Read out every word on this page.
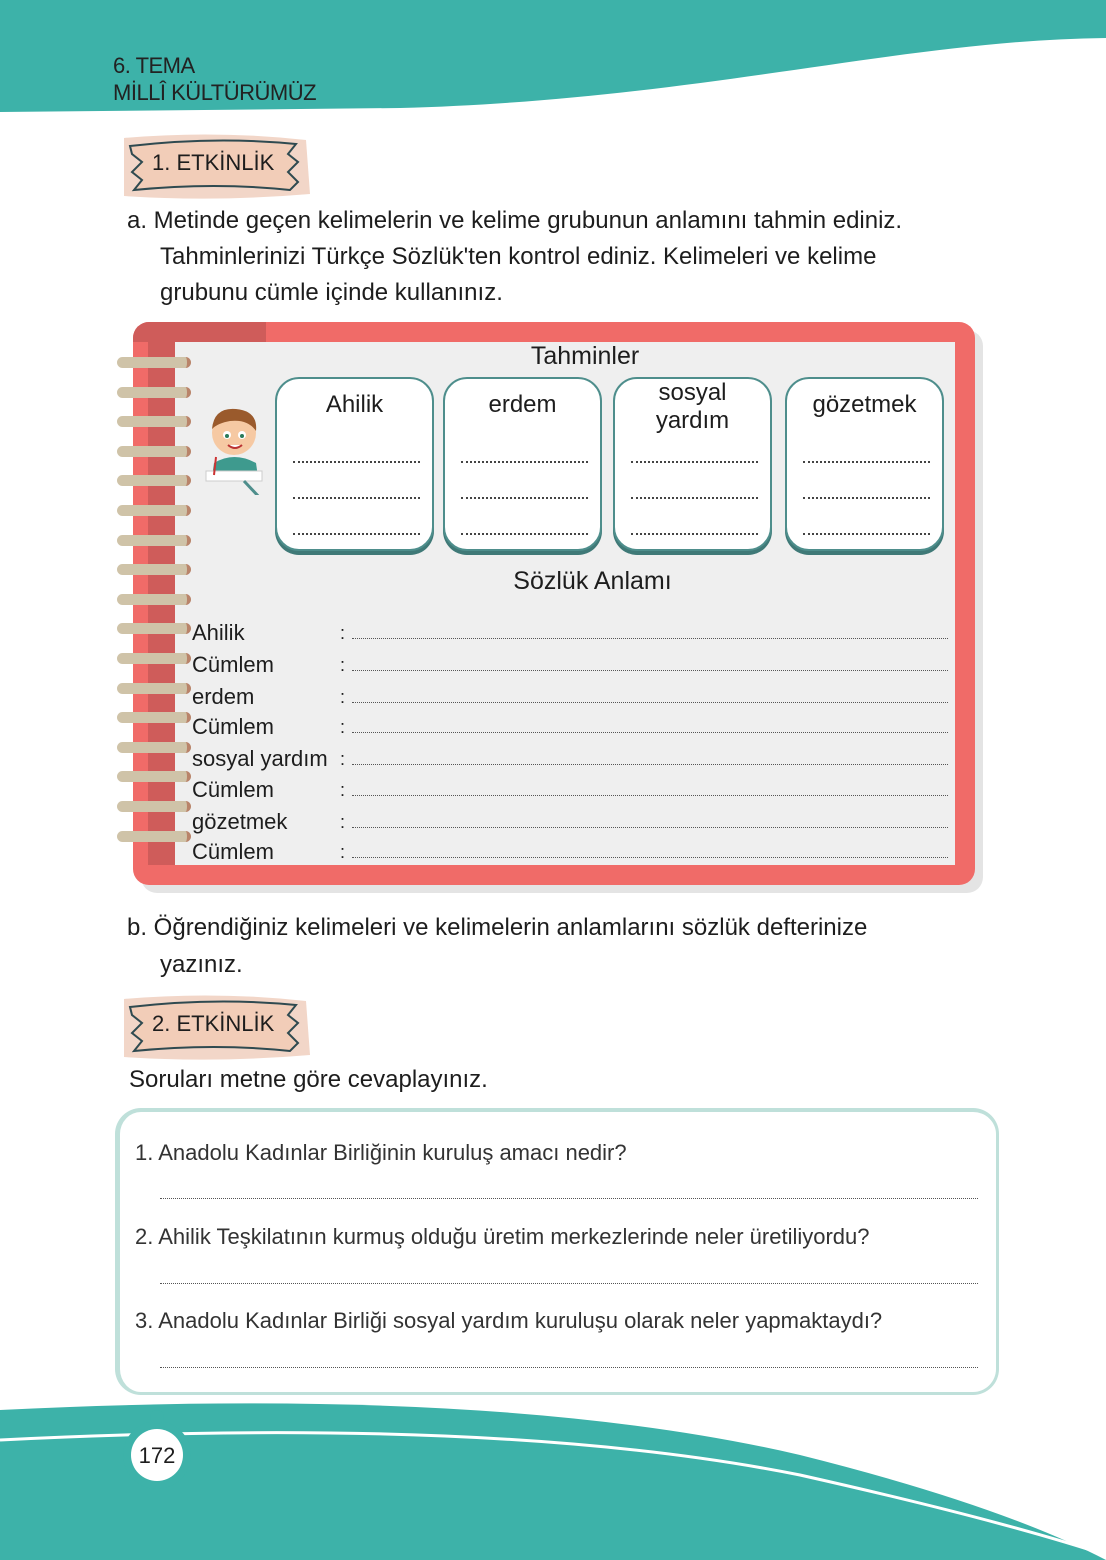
6. TEMA
MİLLÎ KÜLTÜRÜMÜZ
1. ETKİNLİK
a. Metinde geçen kelimelerin ve kelime grubunun anlamını tahmin ediniz.
Tahminlerinizi Türkçe Sözlük'ten kontrol ediniz. Kelimeleri ve kelime
grubunu cümle içinde kullanınız.
Tahminler
Ahilik	erdem	sosyal yardım
gözetmek
Sözlük Anlamı
Ahilik	:
Cümlem	:
erdem	:
Cümlem	:
sosyal yardım :
Cümlem	:
gözetmek	:
Cümlem	:
b. Öğrendiğiniz kelimeleri ve kelimelerin anlamlarını sözlük defterinize
yazınız.
2. ETKİNLİK
Soruları metne göre cevaplayınız.
1. Anadolu Kadınlar Birliğinin kuruluş amacı nedir?
2. Ahilik Teşkilatının kurmuş olduğu üretim merkezlerinde neler üretiliyordu?
3. Anadolu Kadınlar Birliği sosyal yardım kuruluşu olarak neler yapmaktaydı?
172
